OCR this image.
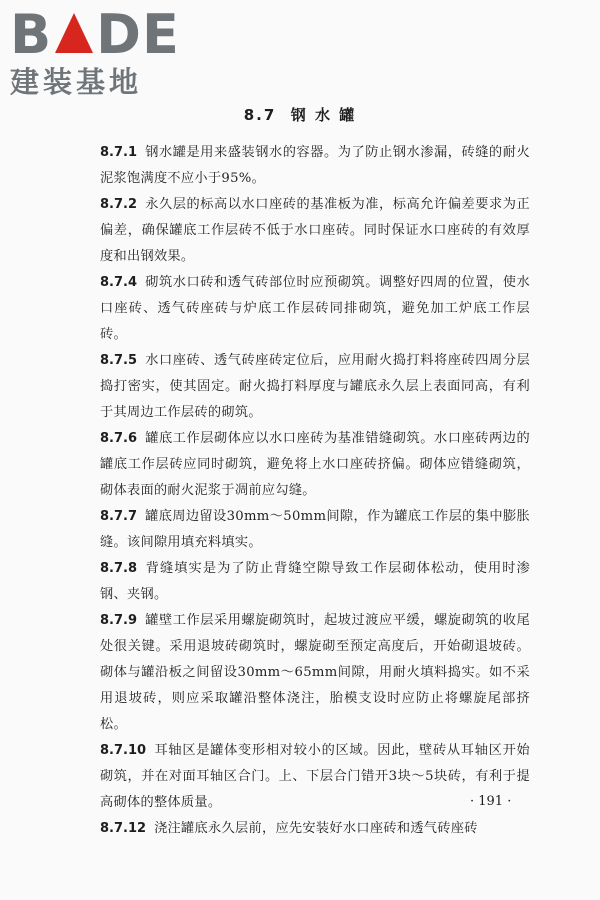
B DE
建装基地
8.7 钢 水 罐

8.7.1 钢水罐是用来盛装钢水的容器。为了防止钢水渗漏，砖缝的耐火泥浆饱满度不应小于95%。

8.7.2 永久层的标高以水口座砖的基准板为准，标高允许偏差要求为正偏差，确保罐底工作层砖不低于水口座砖。同时保证水口座砖的有效厚度和出钢效果。

8.7.4 砌筑水口砖和透气砖部位时应预砌筑。调整好四周的位置，使水口座砖、透气砖座砖与炉底工作层砖同排砌筑，避免加工炉底工作层砖。

8.7.5 水口座砖、透气砖座砖定位后，应用耐火捣打料将座砖四周分层捣打密实，使其固定。耐火捣打料厚度与罐底永久层上表面同高，有利于其周边工作层砖的砌筑。

8.7.6 罐底工作层砌体应以水口座砖为基准错缝砌筑。水口座砖两边的罐底工作层砖应同时砌筑，避免将上水口座砖挤偏。砌体应错缝砌筑，砌体表面的耐火泥浆于凋前应勾缝。

8.7.7 罐底周边留设30mm～50mm间隙，作为罐底工作层的集中膨胀缝。该间隙用填充料填实。

8.7.8 背缝填实是为了防止背缝空隙导致工作层砌体松动，使用时渗钢、夹钢。

8.7.9 罐壁工作层采用螺旋砌筑时，起坡过渡应平缓，螺旋砌筑的收尾处很关键。采用退坡砖砌筑时，螺旋砌至预定高度后，开始砌退坡砖。砌体与罐沿板之间留设30mm～65mm间隙，用耐火填料捣实。如不采用退坡砖，则应采取罐沿整体浇注，胎模支设时应防止将螺旋尾部挤松。

8.7.10 耳轴区是罐体变形相对较小的区域。因此，壁砖从耳轴区开始砌筑，并在对面耳轴区合门。上、下层合门错开3块～5块砖，有利于提高砌体的整体质量。

8.7.12 浇注罐底永久层前，应先安装好水口座砖和透气砖座砖

· 191 ·
